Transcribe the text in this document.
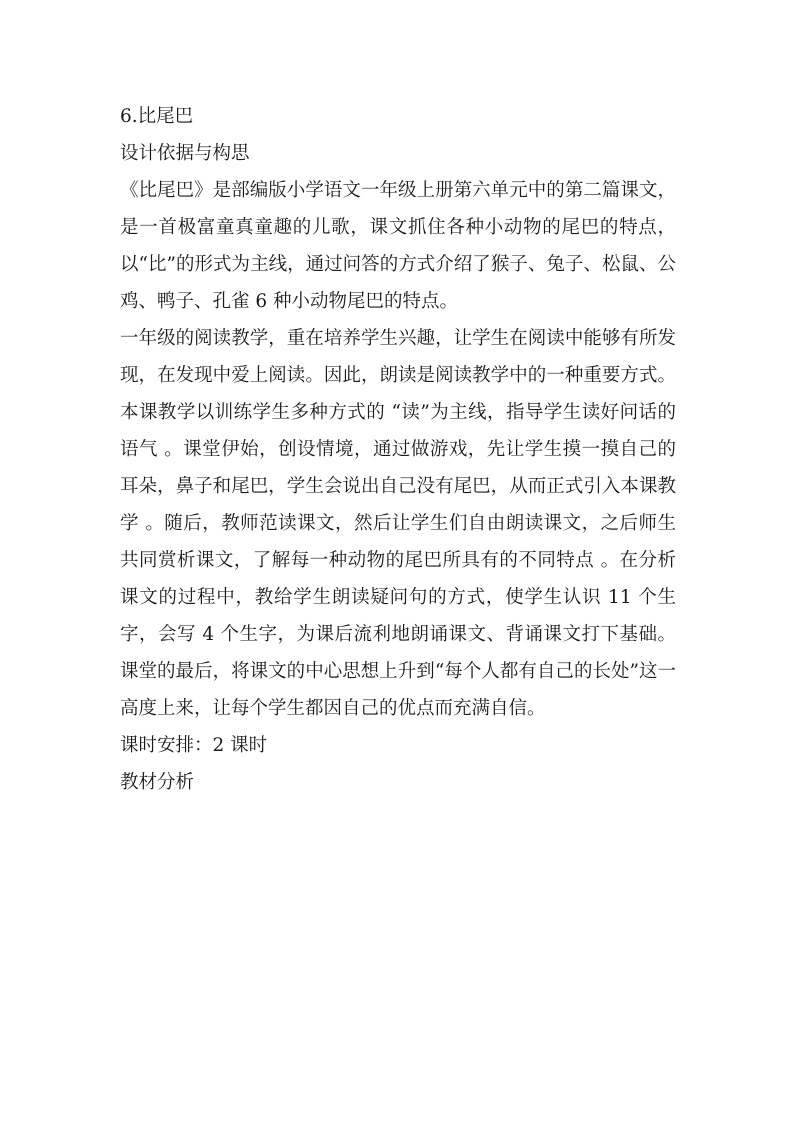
6.比尾巴
设计依据与构思

《比尾巴》是部编版小学语文一年级上册第六单元中的第二篇课文，是一首极富童真童趣的儿歌，课文抓住各种小动物的尾巴的特点，以“比”的形式为主线，通过问答的方式介绍了猴子、兔子、松鼠、公鸡、鸭子、孔雀 6 种小动物尾巴的特点。

一年级的阅读教学，重在培养学生兴趣，让学生在阅读中能够有所发现，在发现中爱上阅读。因此，朗读是阅读教学中的一种重要方式。本课教学以训练学生多种方式的 “读”为主线，指导学生读好问话的语气 。课堂伊始，创设情境，通过做游戏，先让学生摸一摸自己的耳朵，鼻子和尾巴，学生会说出自己没有尾巴，从而正式引入本课教学 。随后，教师范读课文，然后让学生们自由朗读课文，之后师生共同赏析课文，了解每一种动物的尾巴所具有的不同特点 。在分析课文的过程中，教给学生朗读疑问句的方式，使学生认识 11 个生字，会写 4 个生字，为课后流利地朗诵课文、背诵课文打下基础。课堂的最后，将课文的中心思想上升到“每个人都有自己的长处”这一高度上来，让每个学生都因自己的优点而充满自信。

课时安排：2 课时
教材分析
